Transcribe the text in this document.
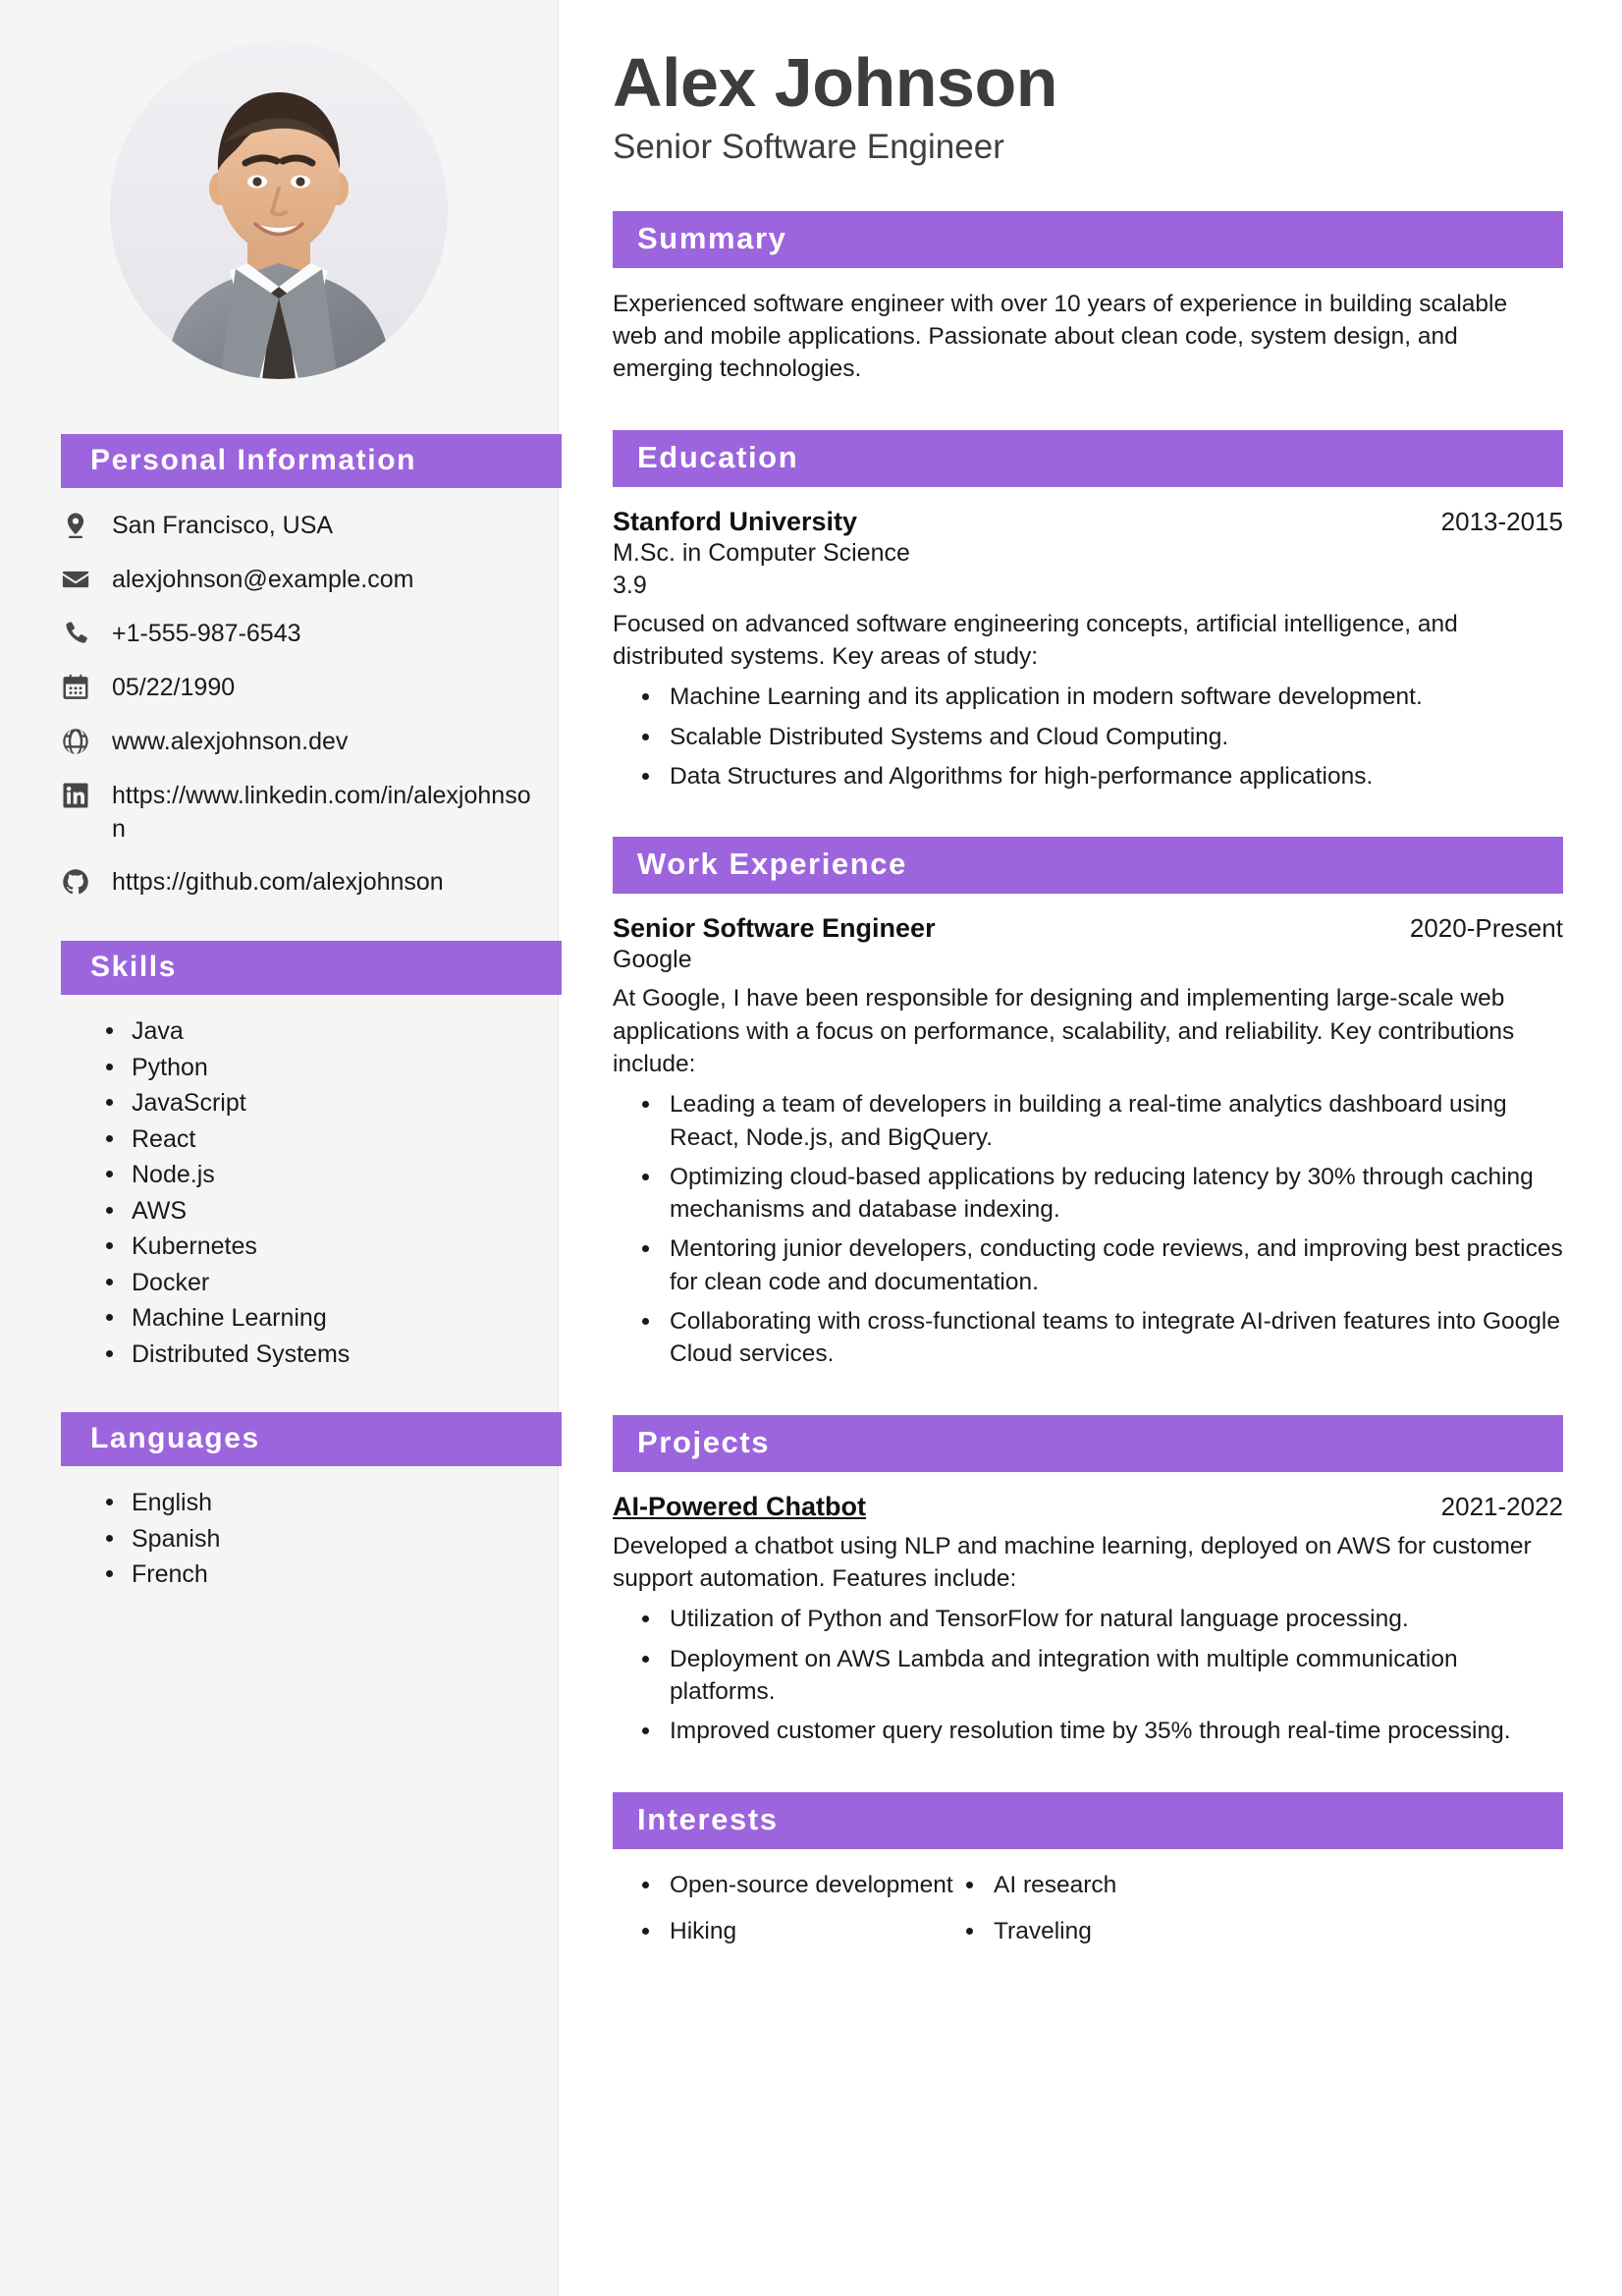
Personal Information
San Francisco, USA
alexjohnson@example.com
+1-555-987-6543
05/22/1990
www.alexjohnson.dev
https://www.linkedin.com/in/alexjohnson
https://github.com/alexjohnson
Skills
Java
Python
JavaScript
React
Node.js
AWS
Kubernetes
Docker
Machine Learning
Distributed Systems
Languages
English
Spanish
French
Alex Johnson
Senior Software Engineer
Summary

Experienced software engineer with over 10 years of experience in building scalable web and mobile applications. Passionate about clean code, system design, and emerging technologies.

Education
Stanford University	2013-2015
M.Sc. in Computer Science
3.9

Focused on advanced software engineering concepts, artificial intelligence, and distributed systems. Key areas of study:

Machine Learning and its application in modern software development.
Scalable Distributed Systems and Cloud Computing.
Data Structures and Algorithms for high-performance applications.
Work Experience
Senior Software Engineer	2020-Present
Google

At Google, I have been responsible for designing and implementing large-scale web applications with a focus on performance, scalability, and reliability. Key contributions include:

Leading a team of developers in building a real-time analytics dashboard using React, Node.js, and BigQuery.
Optimizing cloud-based applications by reducing latency by 30% through caching mechanisms and database indexing.
Mentoring junior developers, conducting code reviews, and improving best practices for clean code and documentation.
Collaborating with cross-functional teams to integrate AI-driven features into Google Cloud services.
Projects
AI-Powered Chatbot	2021-2022

Developed a chatbot using NLP and machine learning, deployed on AWS for customer support automation. Features include:

Utilization of Python and TensorFlow for natural language processing.
Deployment on AWS Lambda and integration with multiple communication platforms.
Improved customer query resolution time by 35% through real-time processing.
Interests
Open-source development	AI research
Hiking	Traveling
